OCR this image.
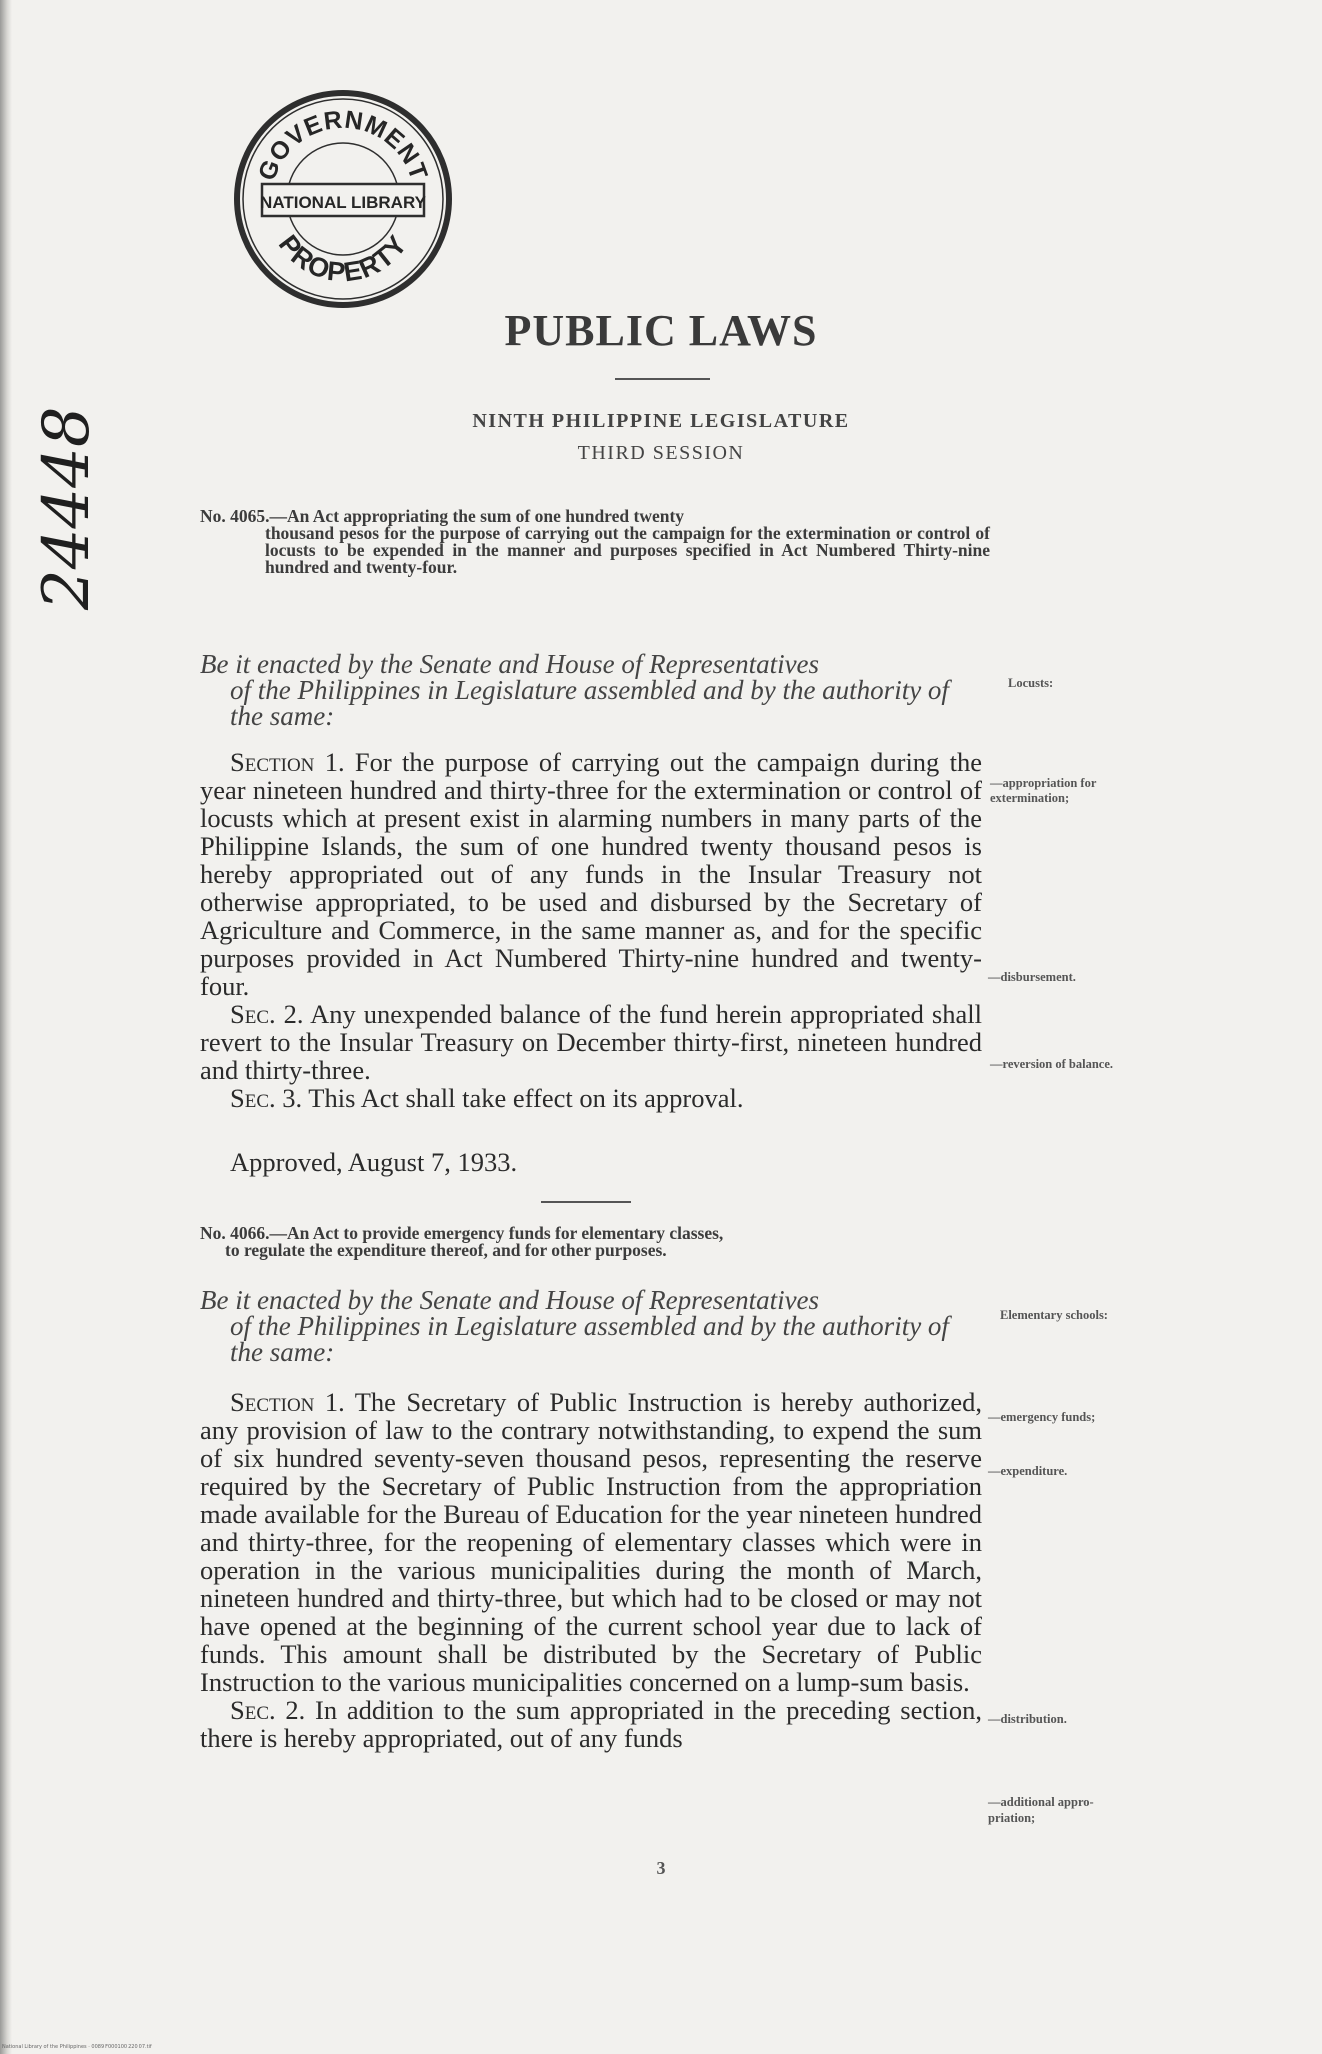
GOVERNMENT
NATIONAL LIBRARY
PROPERTY
24448
PUBLIC LAWS
NINTH PHILIPPINE LEGISLATURE
THIRD SESSION
No. 4065.—An Act appropriating the sum of one hundred twenty
thousand pesos for the purpose of carrying out the campaign for the extermination or control of locusts to be expended in the manner and purposes specified in Act Numbered Thirty-nine hundred and twenty-four.
Be it enacted by the Senate and House of Representatives
of the Philippines in Legislature assembled and by the authority of the same:

Section 1. For the purpose of carrying out the campaign during the year nineteen hundred and thirty-three for the extermination or control of locusts which at present exist in alarming numbers in many parts of the Philippine Islands, the sum of one hundred twenty thousand pesos is hereby appropriated out of any funds in the Insular Treasury not otherwise appropriated, to be used and disbursed by the Secretary of Agriculture and Commerce, in the same manner as, and for the specific purposes provided in Act Numbered Thirty-nine hundred and twenty-four.

Sec. 2. Any unexpended balance of the fund herein appropriated shall revert to the Insular Treasury on December thirty-first, nineteen hundred and thirty-three.

Sec. 3. This Act shall take effect on its approval.

Approved, August 7, 1933.
Locusts:
—appropriation for
extermination;
—disbursement.
—reversion of balance.
No. 4066.—An Act to provide emergency funds for elementary classes,
to regulate the expenditure thereof, and for other purposes.
Be it enacted by the Senate and House of Representatives
of the Philippines in Legislature assembled and by the authority of the same:

Section 1. The Secretary of Public Instruction is hereby authorized, any provision of law to the contrary notwithstanding, to expend the sum of six hundred seventy-seven thousand pesos, representing the reserve required by the Secretary of Public Instruction from the appropriation made available for the Bureau of Education for the year nineteen hundred and thirty-three, for the reopening of elementary classes which were in operation in the various municipalities during the month of March, nineteen hundred and thirty-three, but which had to be closed or may not have opened at the beginning of the current school year due to lack of funds. This amount shall be distributed by the Secretary of Public Instruction to the various municipalities concerned on a lump-sum basis.

Sec. 2. In addition to the sum appropriated in the preceding section, there is hereby appropriated, out of any funds

Elementary schools:
—emergency funds;
—expenditure.
—distribution.
—additional appro-
priation;
3
National Library of the Philippines · 0089 F000100 220 07.tif
